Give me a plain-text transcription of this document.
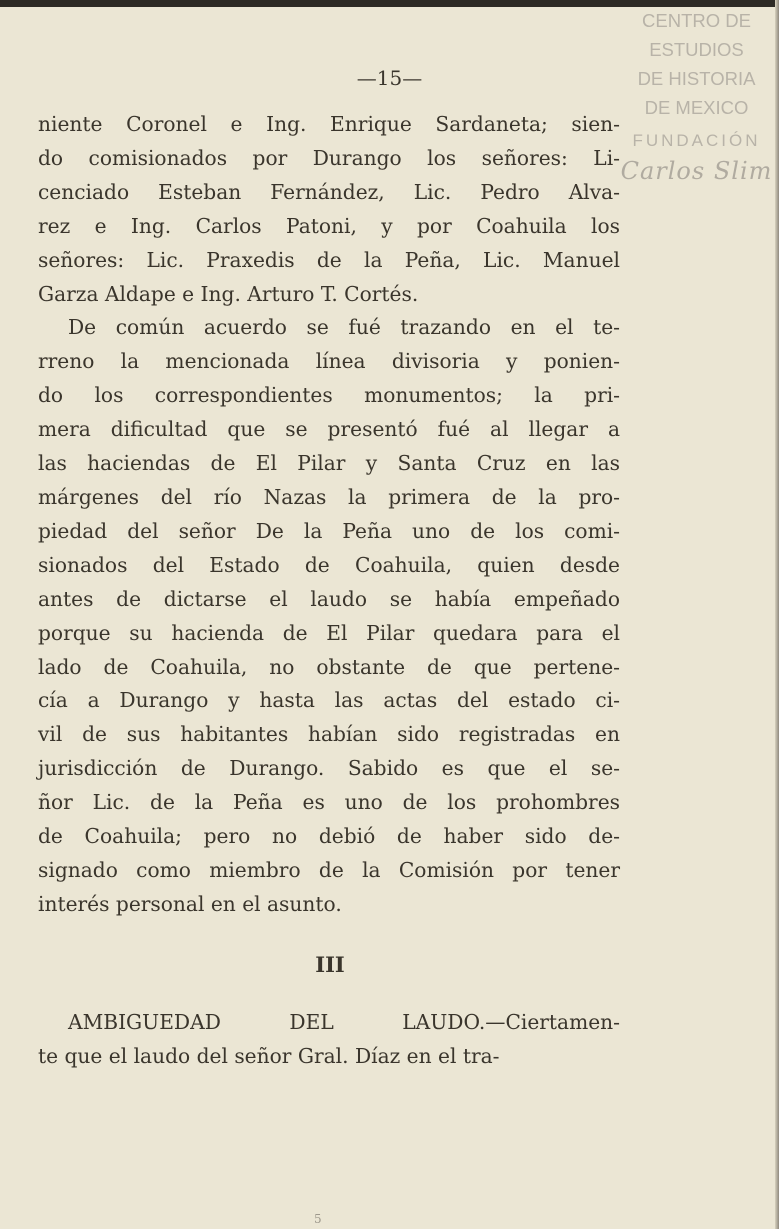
CENTRO DE
ESTUDIOS
DE HISTORIA
DE MEXICO
FUNDACIÓN
Carlos Slim
—15—

niente Coronel e Ing. Enrique Sardaneta; sien-
do comisionados por Durango los señores: Li-
cenciado Esteban Fernández, Lic. Pedro Alva-
rez e Ing. Carlos Patoni, y por Coahuila los
señores: Lic. Praxedis de la Peña, Lic. Manuel
Garza Aldape e Ing. Arturo T. Cortés.

De común acuerdo se fué trazando en el te-
rreno la mencionada línea divisoria y ponien-
do los correspondientes monumentos; la pri-
mera dificultad que se presentó fué al llegar a
las haciendas de El Pilar y Santa Cruz en las
márgenes del río Nazas la primera de la pro-
piedad del señor De la Peña uno de los comi-
sionados del Estado de Coahuila, quien desde
antes de dictarse el laudo se había empeñado
porque su hacienda de El Pilar quedara para el
lado de Coahuila, no obstante de que pertene-
cía a Durango y hasta las actas del estado ci-
vil de sus habitantes habían sido registradas en
jurisdicción de Durango. Sabido es que el se-
ñor Lic. de la Peña es uno de los prohombres
de Coahuila; pero no debió de haber sido de-
signado como miembro de la Comisión por tener
interés personal en el asunto.

III
AMBIGUEDAD DEL LAUDO.—Ciertamen-
te que el laudo del señor Gral. Díaz en el tra-
5
